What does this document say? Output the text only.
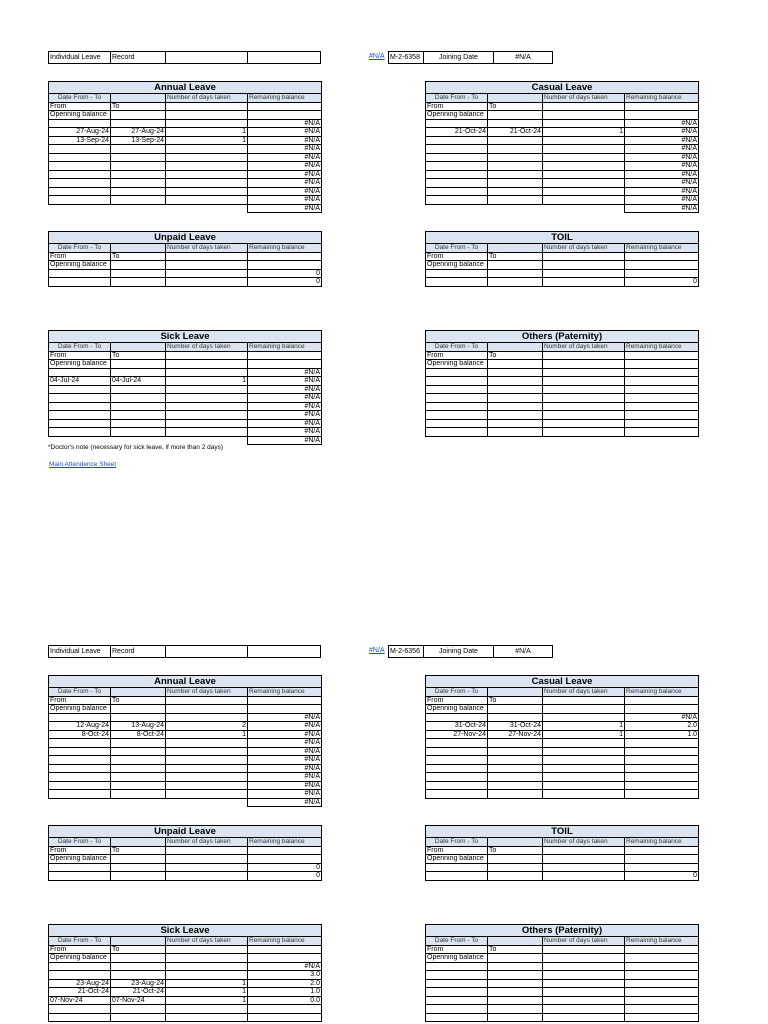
Individual Leave	Record	#N/A M-2-6358	Joining Date	#N/A
Annual Leave			
Date From - To		Number of days taken	Remaining balance
From	To		
Openning balance			
			#N/A
27-Aug-24	27-Aug-24	1	#N/A
13-Sep-24	13-Sep-24	1	#N/A
			#N/A
			#N/A
			#N/A
			#N/A
			#N/A
			#N/A
			#N/A
			#N/A
Casual Leave			
Date From - To		Number of days taken	Remaining balance
From	To		
Openning balance			
			#N/A
21-Oct-24	21-Oct-24	1	#N/A
			#N/A
			#N/A
			#N/A
			#N/A
			#N/A
			#N/A
			#N/A
			#N/A
			#N/A
Unpaid Leave			
Date From - To		Number of days taken	Remaining balance
From	To		
Openning balance			
			0
			0
TOIL			
Date From - To		Number of days taken	Remaining balance
From	To		
Openning balance			

			0
Sick Leave			
Date From - To		Number of days taken	Remaining balance
From	To		
Openning balance			
			#N/A
04-Jul-24	04-Jul-24	1	#N/A
			#N/A
			#N/A
			#N/A
			#N/A
			#N/A
			#N/A
			#N/A
Others (Paternity)			
Date From - To		Number of days taken	Remaining balance
From	To		
Openning balance			

*Doctor's note (necessary for sick leave, if more than 2 days)
Main Attendence Sheet
Individual Leave	Record	#N/A M-2-6356	Joining Date	#N/A
Annual Leave			
Date From - To		Number of days taken	Remaining balance
From	To		
Openning balance			
			#N/A
12-Aug-24	13-Aug-24	2	#N/A
8-Oct-24	8-Oct-24	1	#N/A
			#N/A
			#N/A
			#N/A
			#N/A
			#N/A
			#N/A
			#N/A
			#N/A
Casual Leave			
Date From - To		Number of days taken	Remaining balance
From	To		
Openning balance			
			#N/A
31-Oct-24	31-Oct-24	1	2.0
27-Nov-24	27-Nov-24	1	1.0

Unpaid Leave			
Date From - To		Number of days taken	Remaining balance
From	To		
Openning balance			
			0
			0
TOIL			
Date From - To		Number of days taken	Remaining balance
From	To		
Openning balance			

			0
Sick Leave			
Date From - To		Number of days taken	Remaining balance
From	To		
Openning balance			
			#N/A
			3.0
23-Aug-24	23-Aug-24	1	2.0
21-Oct-24	21-Oct-24	1	1.0
07-Nov-24	07-Nov-24	1	0.0

Others (Paternity)			
Date From - To		Number of days taken	Remaining balance
From	To		
Openning balance			
